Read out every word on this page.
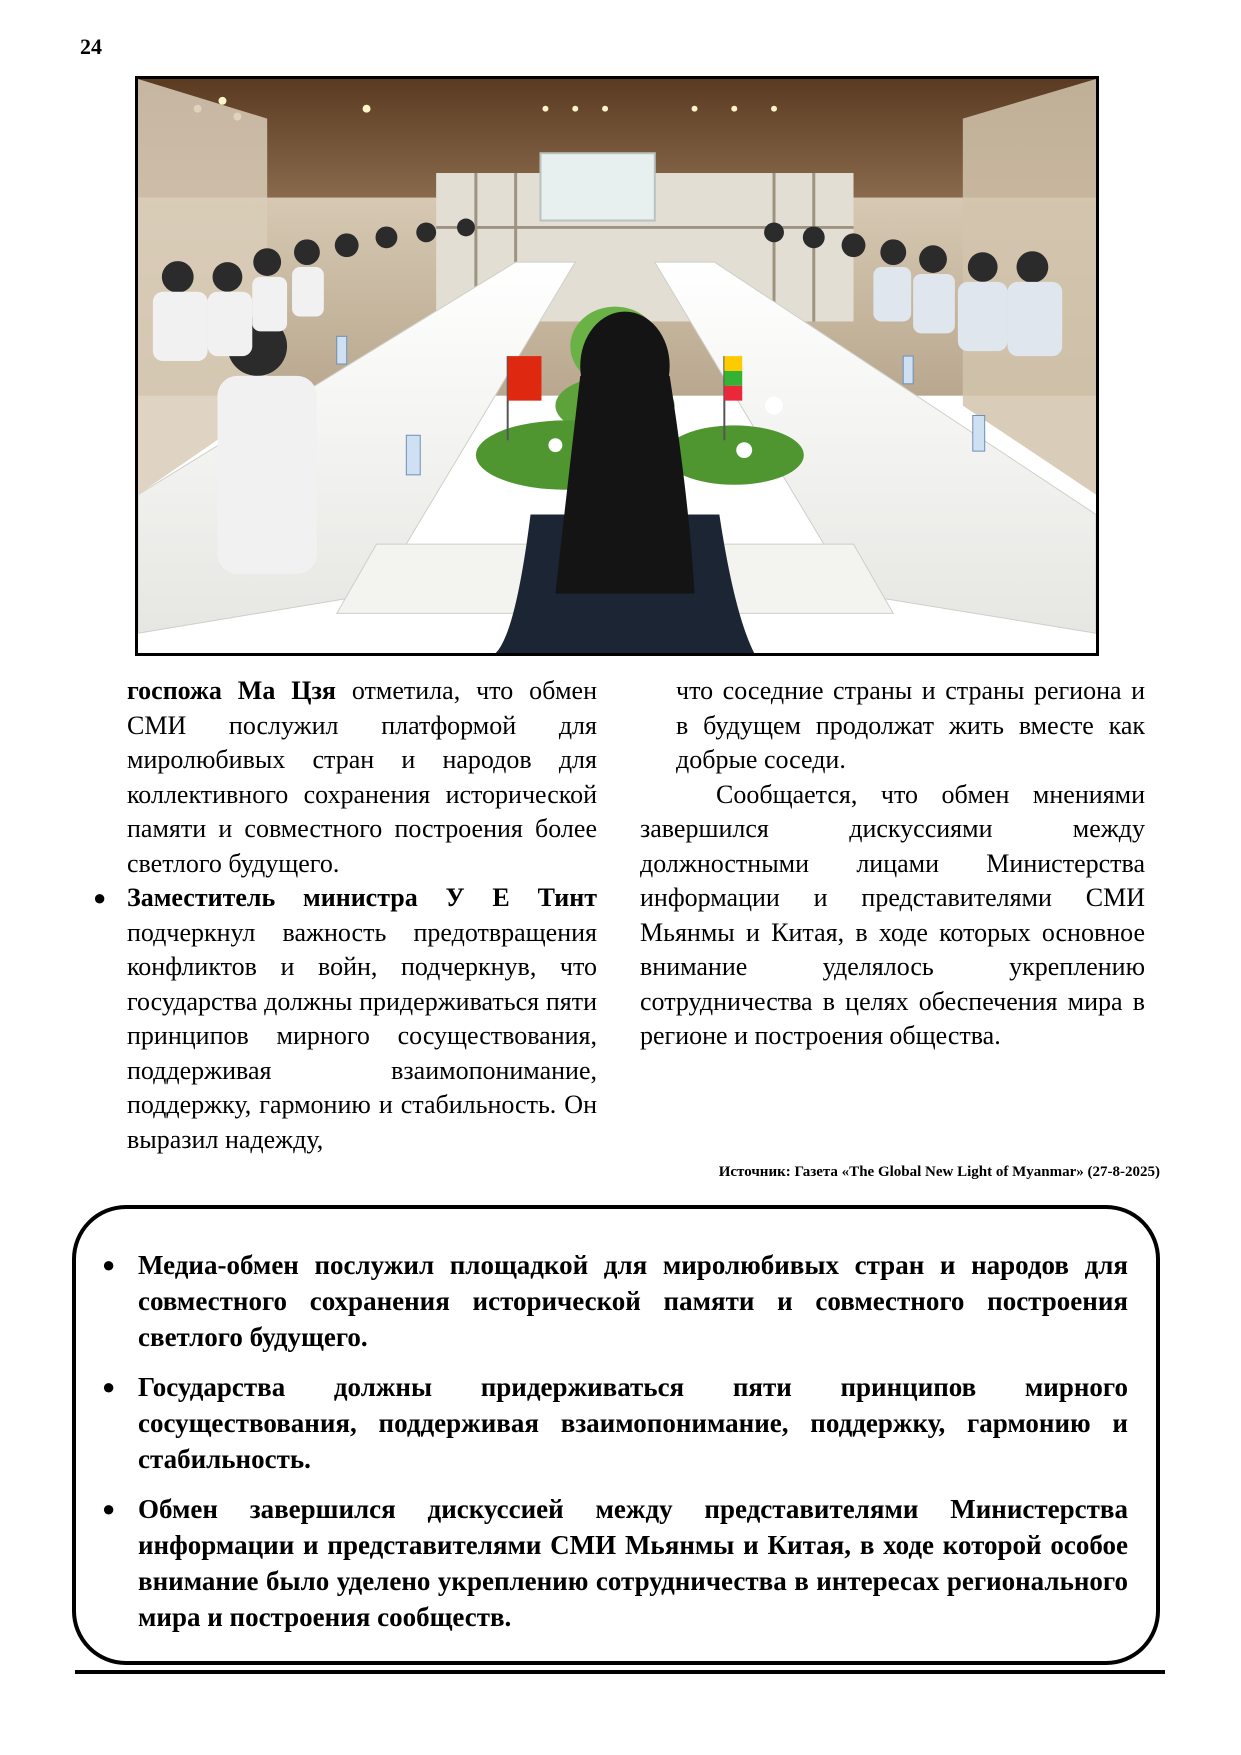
24

госпожа Ма Цзя отметила, что обмен СМИ послужил платформой для миролюбивых стран и народов для коллективного сохранения исторической памяти и совместного построения более светлого будущего.

● Заместитель министра У Е Тинт подчеркнул важность предотвращения конфликтов и войн, подчеркнув, что государства должны придерживаться пяти принципов мирного сосуществования, поддерживая взаимопонимание, поддержку, гармонию и стабильность. Он выразил надежду,

что соседние страны и страны региона и в будущем продолжат жить вместе как добрые соседи.

Сообщается, что обмен мнениями завершился дискуссиями между должностными лицами Министерства информации и представителями СМИ Мьянмы и Китая, в ходе которых основное внимание уделялось укреплению сотрудничества в целях обеспечения мира в регионе и построения общества.

Источник: Газета «The Global New Light of Myanmar» (27-8-2025)
● Медиа-обмен послужил площадкой для миролюбивых стран и народов для совместного сохранения исторической памяти и совместного построения светлого будущего.
● Государства должны придерживаться пяти принципов мирного сосуществования, поддерживая взаимопонимание, поддержку, гармонию и стабильность.
● Обмен завершился дискуссией между представителями Министерства информации и представителями СМИ Мьянмы и Китая, в ходе которой особое внимание было уделено укреплению сотрудничества в интересах регионального мира и построения сообществ.
